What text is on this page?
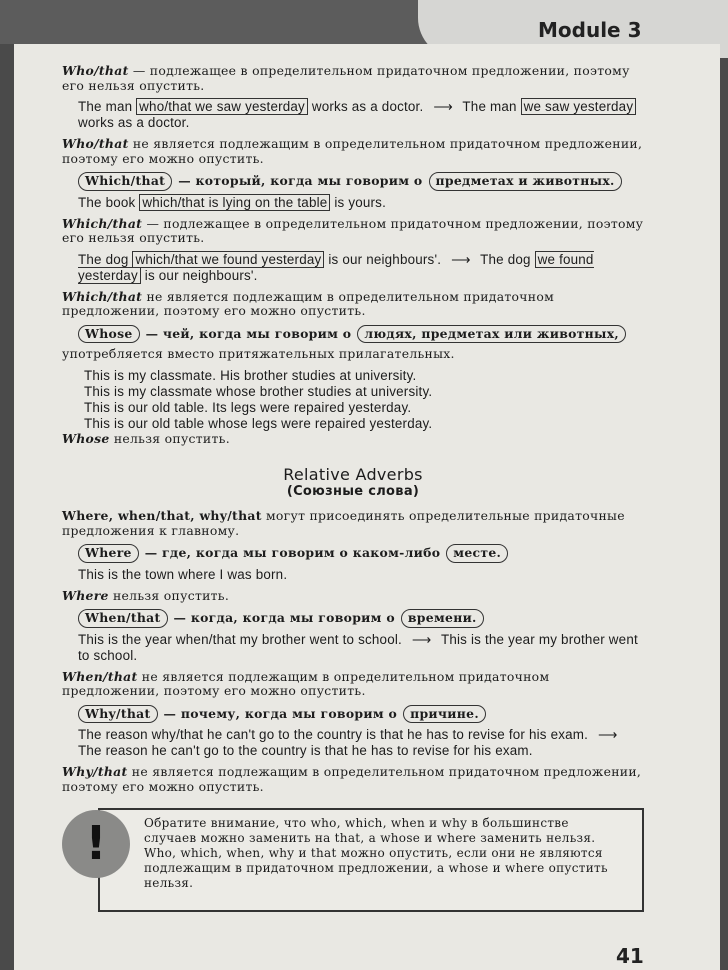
Module 3
Who/that — подлежащее в определительном придаточном предложении, поэтому его нельзя опустить.
The man who/that we saw yesterday works as a doctor. ⟶ The man we saw yesterday works as a doctor.
Who/that не является подлежащим в определительном придаточном предложении, поэтому его можно опустить.
Which/that	— который, когда мы говорим о	предметах и животных.
The book which/that is lying on the table is yours.
Which/that — подлежащее в определительном придаточном предложении, поэтому его нельзя опустить.
The dog which/that we found yesterday is our neighbours'. ⟶ The dog we found yesterday is our neighbours'.
Which/that не является подлежащим в определительном придаточном предложении, поэтому его можно опустить.
Whose	— чей, когда мы говорим о	людях, предметах или животных,
употребляется вместо притяжательных прилагательных.
This is my classmate. His brother studies at university.
This is my classmate whose brother studies at university.
This is our old table. Its legs were repaired yesterday.
This is our old table whose legs were repaired yesterday.
Whose нельзя опустить.
Relative Adverbs
(Союзные слова)
Where, when/that, why/that могут присоединять определительные придаточные предложения к главному.
Where	— где, когда мы говорим о каком-либо	месте.
This is the town where I was born.
Where нельзя опустить.
When/that	— когда, когда мы говорим о	времени.
This is the year when/that my brother went to school. ⟶ This is the year my brother went to school.
When/that не является подлежащим в определительном придаточном предложении, поэтому его можно опустить.
Why/that	— почему, когда мы говорим о	причине.
The reason why/that he can't go to the country is that he has to revise for his exam. ⟶ The reason he can't go to the country is that he has to revise for his exam.
Why/that не является подлежащим в определительном придаточном предложении, поэтому его можно опустить.
Обратите внимание, что who, which, when и why в большинстве случаев можно заменить на that, а whose и where заменить нельзя.
Who, which, when, why и that можно опустить, если они не являются подлежащим в придаточном предложении, а whose и where опустить нельзя.
!
41
